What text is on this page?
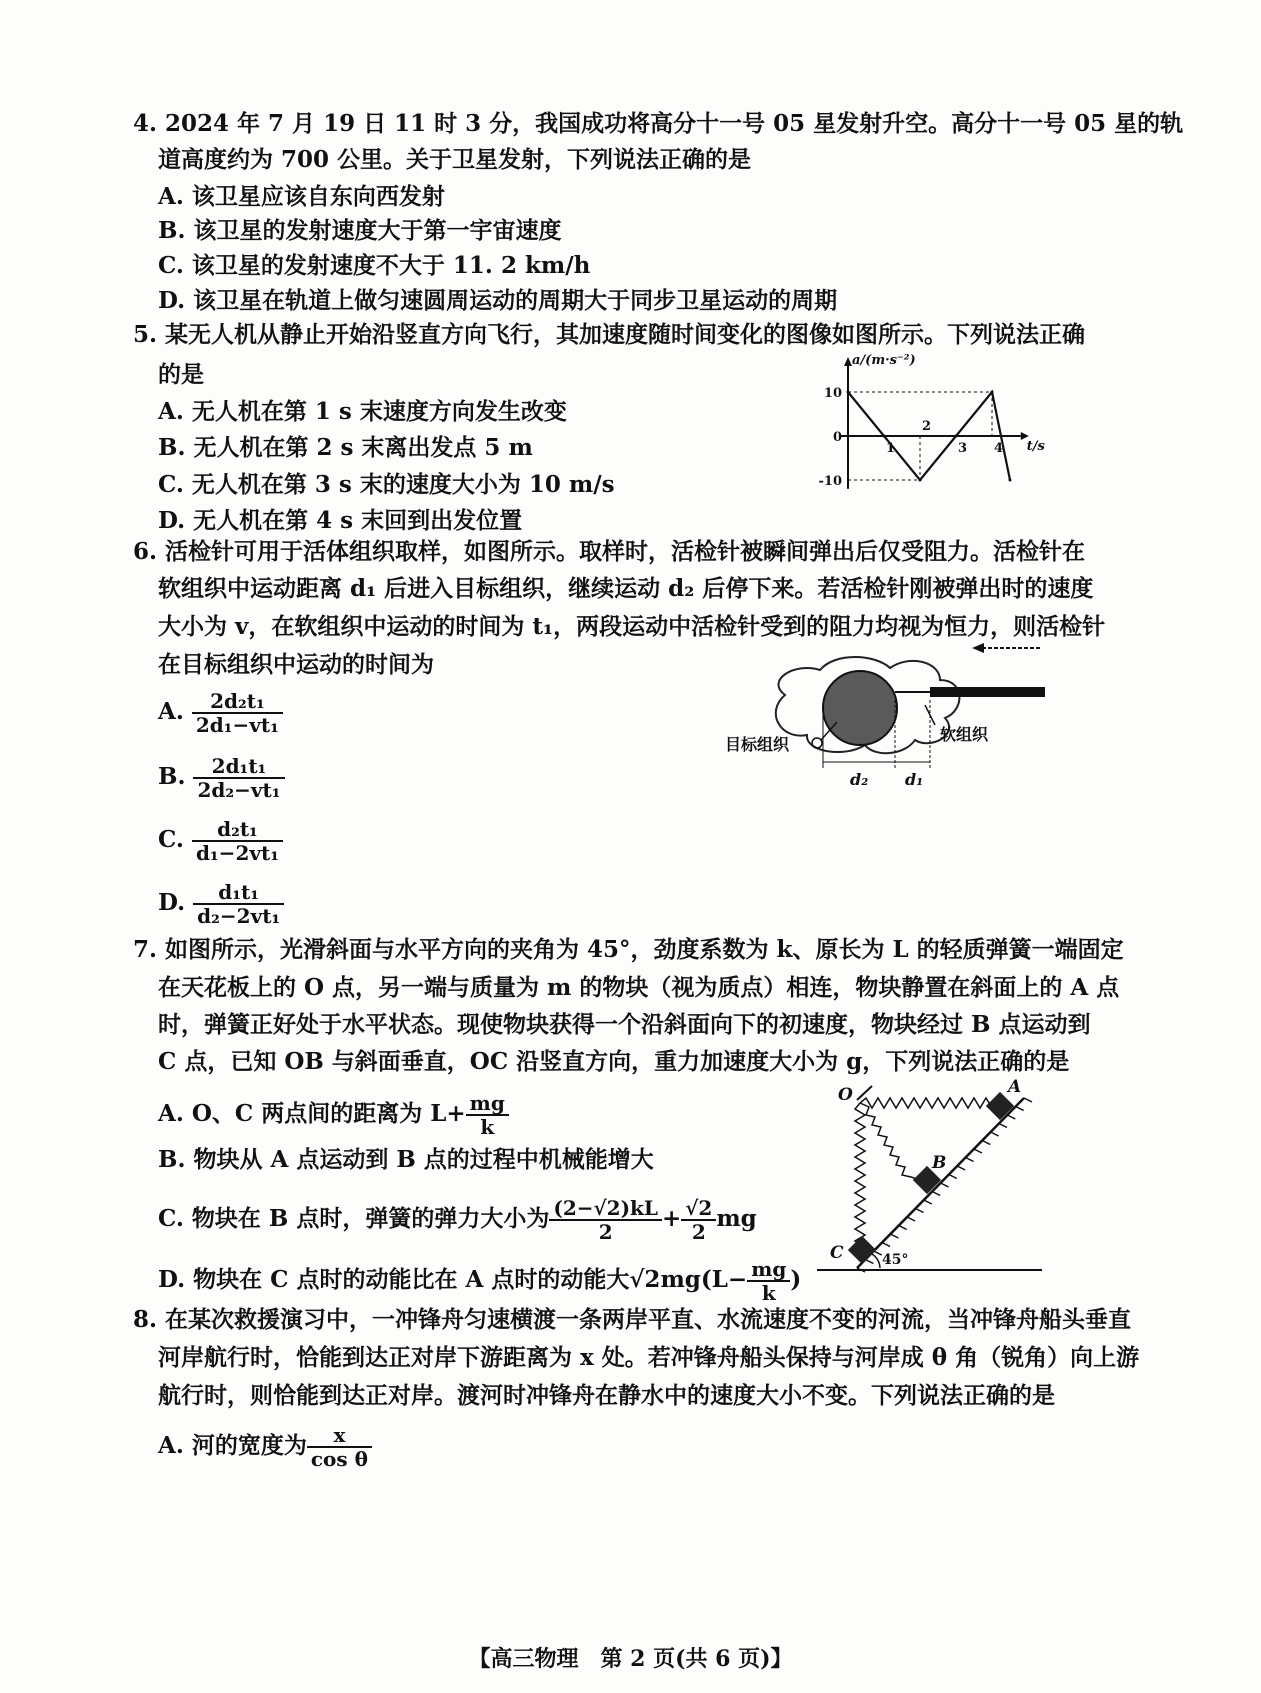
4. 2024 年 7 月 19 日 11 时 3 分，我国成功将高分十一号 05 星发射升空。高分十一号 05 星的轨
道高度约为 700 公里。关于卫星发射，下列说法正确的是
A. 该卫星应该自东向西发射
B. 该卫星的发射速度大于第一宇宙速度
C. 该卫星的发射速度不大于 11. 2 km/h
D. 该卫星在轨道上做匀速圆周运动的周期大于同步卫星运动的周期
5. 某无人机从静止开始沿竖直方向飞行，其加速度随时间变化的图像如图所示。下列说法正确
的是
A. 无人机在第 1 s 末速度方向发生改变
B. 无人机在第 2 s 末离出发点 5 m
C. 无人机在第 3 s 末的速度大小为 10 m/s
D. 无人机在第 4 s 末回到出发位置
a/(m·s⁻²)
t/s
10
0
-10
1
2
3 4
6. 活检针可用于活体组织取样，如图所示。取样时，活检针被瞬间弹出后仅受阻力。活检针在
软组织中运动距离 d₁ 后进入目标组织，继续运动 d₂ 后停下来。若活检针刚被弹出时的速度
大小为 v，在软组织中运动的时间为 t₁，两段运动中活检针受到的阻力均视为恒力，则活检针
在目标组织中运动的时间为
A. $\frac{\text{2d₂t₁}}{\text{2d₁−vt₁}}$
B. $\frac{\text{2d₁t₁}}{\text{2d₂−vt₁}}$
C. $\frac{\text{d₂t₁}}{\text{d₁−2vt₁}}$
D. $\frac{\text{d₁t₁}}{\text{d₂−2vt₁}}$
目标组织
软组织
d₂ d₁
7. 如图所示，光滑斜面与水平方向的夹角为 45°，劲度系数为 k、原长为 L 的轻质弹簧一端固定
在天花板上的 O 点，另一端与质量为 m 的物块（视为质点）相连，物块静置在斜面上的 A 点
时，弹簧正好处于水平状态。现使物块获得一个沿斜面向下的初速度，物块经过 B 点运动到
C 点，已知 OB 与斜面垂直，OC 沿竖直方向，重力加速度大小为 g，下列说法正确的是
A. O、C 两点间的距离为 $L+ \frac{mg}{k}$
B. 物块从 A 点运动到 B 点的过程中机械能增大
C. 物块在 B 点时，弹簧的弹力大小为 $\frac{(2-√2)kL}{2} + \frac{√2}{2}$ mg
D. 物块在 C 点时的动能比在 A 点时的动能大$√2mg(L- \frac{mg}{k}$ )
O	A
B
C	45°
8. 在某次救援演习中，一冲锋舟匀速横渡一条两岸平直、水流速度不变的河流，当冲锋舟船头垂直
河岸航行时，恰能到达正对岸下游距离为 x 处。若冲锋舟船头保持与河岸成 θ 角（锐角）向上游
航行时，则恰能到达正对岸。渡河时冲锋舟在静水中的速度大小不变。下列说法正确的是
A. 河的宽度为 $\frac{x}{\text{cos θ}}$
【高三物理　第 2 页(共 6 页)】
